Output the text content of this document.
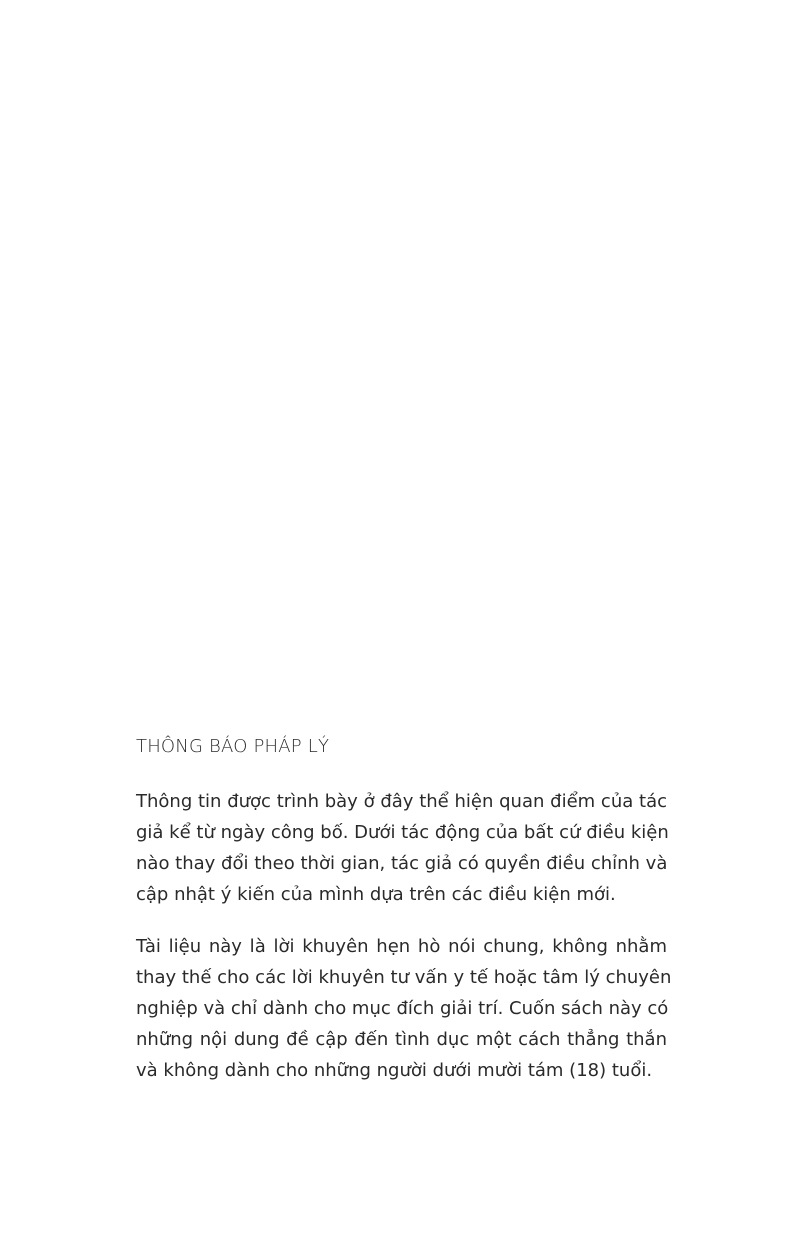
THÔNG BÁO PHÁP LÝ
Thông tin được trình bày ở đây thể hiện quan điểm của tác
giả kể từ ngày công bố. Dưới tác động của bất cứ điều kiện
nào thay đổi theo thời gian, tác giả có quyền điều chỉnh và
cập nhật ý kiến của mình dựa trên các điều kiện mới.
Tài liệu này là lời khuyên hẹn hò nói chung, không nhằm
thay thế cho các lời khuyên tư vấn y tế hoặc tâm lý chuyên
nghiệp và chỉ dành cho mục đích giải trí. Cuốn sách này có
những nội dung đề cập đến tình dục một cách thẳng thắn
và không dành cho những người dưới mười tám (18) tuổi.
